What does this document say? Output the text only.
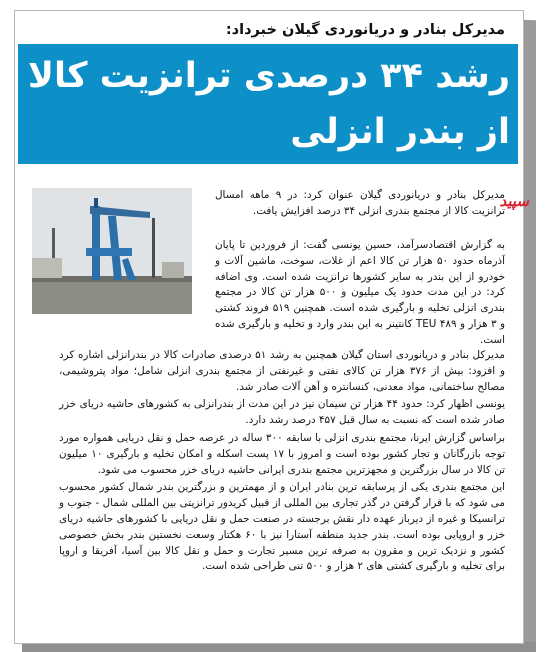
مدیرکل بنادر و دریانوردی گیلان خبرداد:
رشد ۳۴ درصدی ترانزیت کالا از بندر انزلی
سپید

مدیرکل بنادر و دریانوردی گیلان عنوان کرد: در ۹ ماهه امسال ترانزیت کالا از مجتمع بندری انزلی ۳۴ درصد افزایش یافت.

به گزارش اقتصادسرآمد، حسین یونسی گفت: از فروردین تا پایان آذرماه حدود ۵۰ هزار تن کالا اعم از غلات، سوخت، ماشین آلات و خودرو از این بندر به سایر کشورها ترانزیت شده است. وی اضافه کرد: در این مدت حدود یک میلیون و ۵۰۰ هزار تن کالا در مجتمع بندری انزلی تخلیه و بارگیری شده است. همچنین ۵۱۹ فروند کشتی و ۳ هزار و ۴۸۹ TEU کانتینر به این بندر وارد و تخلیه و بارگیری شده است.

مدیرکل بنادر و دریانوردی استان گیلان همچنین به رشد ۵۱ درصدی صادرات کالا در بندرانزلی اشاره کرد و افزود: بیش از ۳۷۶ هزار تن کالای نفتی و غیرنفتی از مجتمع بندری انزلی شامل؛ مواد پتروشیمی، مصالح ساختمانی، مواد معدنی، کنسانتره و آهن آلات صادر شد.

یونسی اظهار کرد: حدود ۴۴ هزار تن سیمان نیز در این مدت از بندرانزلی به کشورهای حاشیه دریای خزر صادر شده است که نسبت به سال قبل ۴۵۷ درصد رشد دارد.

براساس گزارش ایرنا، مجتمع بندری انزلی با سابقه ۳۰۰ ساله در عرصه حمل و نقل دریایی همواره مورد توجه بازرگانان و تجار کشور بوده است و امروز با ۱۷ پست اسکله و امکان تخلیه و بارگیری ۱۰ میلیون تن کالا در سال بزرگترین و مجهزترین مجتمع بندری ایرانی حاشیه دریای خزر محسوب می شود.

این مجتمع بندری یکی از پرسابقه ترین بنادر ایران و از مهمترین و بزرگترین بندر شمال کشور محسوب می شود که با قرار گرفتن در گذر تجاری بین المللی از قبیل کریدور ترانزیتی بین المللی شمال - جنوب و ترانسیکا و غیره از دیرباز عهده دار نقش برجسته در صنعت حمل و نقل دریایی با کشورهای حاشیه دریای خزر و اروپایی بوده است. بندر جدید منطقه آستارا نیز با ۶۰ هکتار وسعت نخستین بندر بخش خصوصی کشور و نزدیک ترین و مقرون به صرفه ترین مسیر تجارت و حمل و نقل کالا بین آسیا، آفریقا و اروپا برای تخلیه و بارگیری کشتی های ۲ هزار و ۵۰۰ تنی طراحی شده است.
